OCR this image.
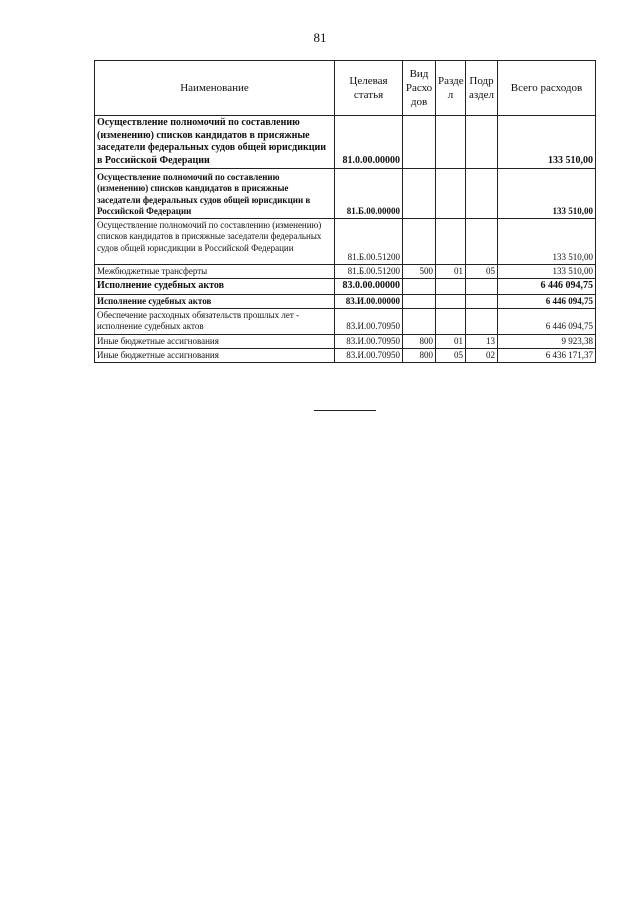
81
Наименование	Целевая статья	Вид Расхо дов	Разде л	Подр аздел	Всего расходов
Осуществление полномочий по составлению (изменению) списков кандидатов в присяжные заседатели федеральных судов общей юрисдикции в Российской Федерации	81.0.00.00000				133 510,00
Осуществление полномочий по составлению (изменению) списков кандидатов в присяжные заседатели федеральных судов общей юрисдикции в Российской Федерации	81.Б.00.00000				133 510,00
Осуществление полномочий по составлению (изменению) списков кандидатов в присяжные заседатели федеральных судов общей юрисдикции в Российской Федерации	81.Б.00.51200				133 510,00
Межбюджетные трансферты	81.Б.00.51200	500	01	05	133 510,00
Исполнение судебных актов	83.0.00.00000				6 446 094,75
Исполнение судебных актов	83.И.00.00000				6 446 094,75
Обеспечение расходных обязательств прошлых лет - исполнение судебных актов	83.И.00.70950				6 446 094,75
Иные бюджетные ассигнования	83.И.00.70950	800	01	13	9 923,38
Иные бюджетные ассигнования	83.И.00.70950	800	05	02	6 436 171,37
